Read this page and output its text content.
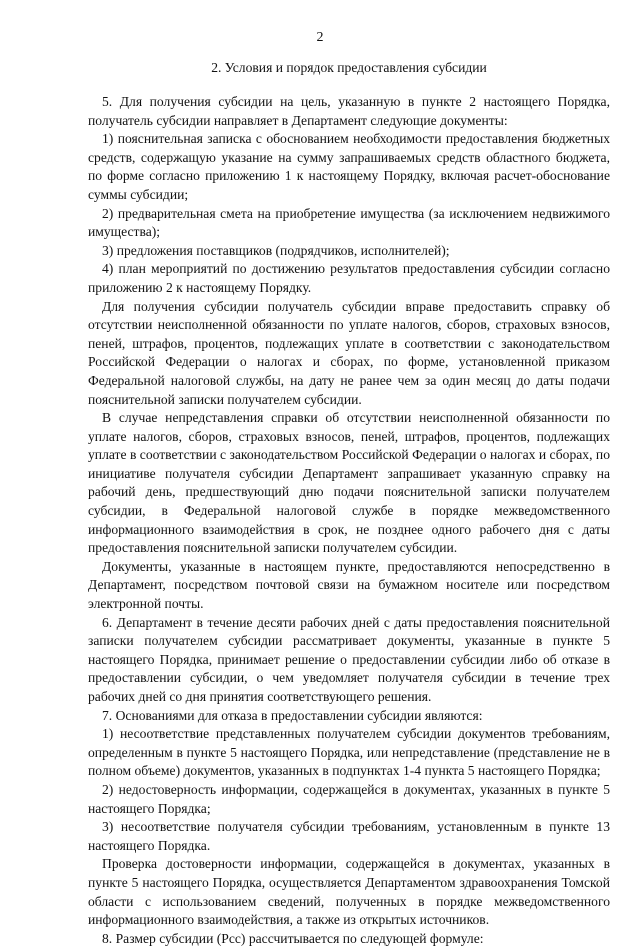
2
2. Условия и порядок предоставления субсидии

5. Для получения субсидии на цель, указанную в пункте 2 настоящего Порядка, получатель субсидии направляет в Департамент следующие документы:

1) пояснительная записка с обоснованием необходимости предоставления бюджетных средств, содержащую указание на сумму запрашиваемых средств областного бюджета, по форме согласно приложению 1 к настоящему Порядку, включая расчет-обоснование суммы субсидии;

2) предварительная смета на приобретение имущества (за исключением недвижимого имущества);

3) предложения поставщиков (подрядчиков, исполнителей);

4) план мероприятий по достижению результатов предоставления субсидии согласно приложению 2 к настоящему Порядку.

Для получения субсидии получатель субсидии вправе предоставить справку об отсутствии неисполненной обязанности по уплате налогов, сборов, страховых взносов, пеней, штрафов, процентов, подлежащих уплате в соответствии с законодательством Российской Федерации о налогах и сборах, по форме, установленной приказом Федеральной налоговой службы, на дату не ранее чем за один месяц до даты подачи пояснительной записки получателем субсидии.

В случае непредставления справки об отсутствии неисполненной обязанности по уплате налогов, сборов, страховых взносов, пеней, штрафов, процентов, подлежащих уплате в соответствии с законодательством Российской Федерации о налогах и сборах, по инициативе получателя субсидии Департамент запрашивает указанную справку на рабочий день, предшествующий дню подачи пояснительной записки получателем субсидии, в Федеральной налоговой службе в порядке межведомственного информационного взаимодействия в срок, не позднее одного рабочего дня с даты предоставления пояснительной записки получателем субсидии.

Документы, указанные в настоящем пункте, предоставляются непосредственно в Департамент, посредством почтовой связи на бумажном носителе или посредством электронной почты.

6. Департамент в течение десяти рабочих дней с даты предоставления пояснительной записки получателем субсидии рассматривает документы, указанные в пункте 5 настоящего Порядка, принимает решение о предоставлении субсидии либо об отказе в предоставлении субсидии, о чем уведомляет получателя субсидии в течение трех рабочих дней со дня принятия соответствующего решения.

7. Основаниями для отказа в предоставлении субсидии являются:

1) несоответствие представленных получателем субсидии документов требованиям, определенным в пункте 5 настоящего Порядка, или непредставление (представление не в полном объеме) документов, указанных в подпунктах 1-4 пункта 5 настоящего Порядка;

2) недостоверность информации, содержащейся в документах, указанных в пункте 5 настоящего Порядка;

3) несоответствие получателя субсидии требованиям, установленным в пункте 13 настоящего Порядка.

Проверка достоверности информации, содержащейся в документах, указанных в пункте 5 настоящего Порядка, осуществляется Департаментом здравоохранения Томской области с использованием сведений, полученных в порядке межведомственного информационного взаимодействия, а также из открытых источников.

8. Размер субсидии (Рсс) рассчитывается по следующей формуле:
